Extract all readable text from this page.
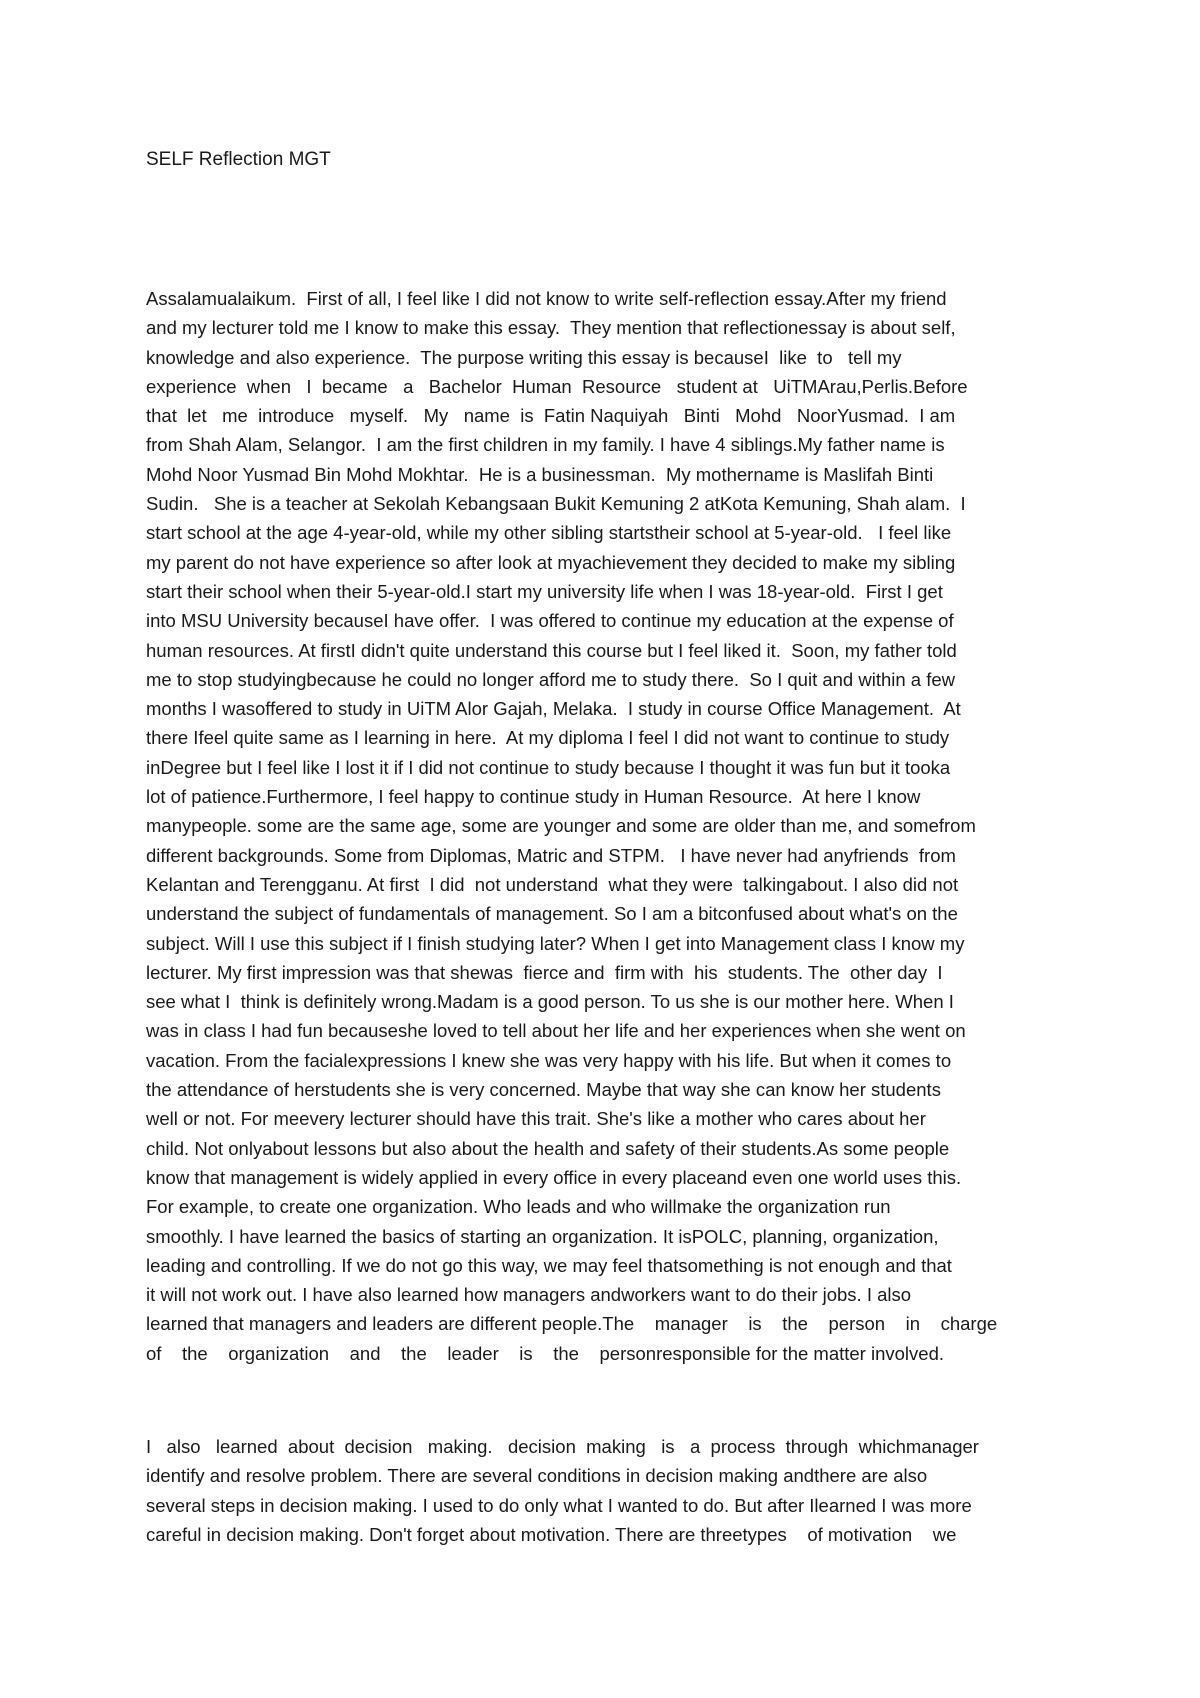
SELF Reflection MGT
Assalamualaikum.  First of all, I feel like I did not know to write self-reflection essay.After my friend
and my lecturer told me I know to make this essay.  They mention that reflectionessay is about self,
knowledge and also experience.  The purpose writing this essay is becauseI  like  to   tell my
experience  when   I  became   a   Bachelor  Human  Resource   student at   UiTMArau,Perlis.Before
that  let   me  introduce   myself.   My   name  is  Fatin Naquiyah   Binti   Mohd   NoorYusmad.  I am
from Shah Alam, Selangor.  I am the first children in my family. I have 4 siblings.My father name is
Mohd Noor Yusmad Bin Mohd Mokhtar.  He is a businessman.  My mothername is Maslifah Binti
Sudin.   She is a teacher at Sekolah Kebangsaan Bukit Kemuning 2 atKota Kemuning, Shah alam.  I
start school at the age 4-year-old, while my other sibling startstheir school at 5-year-old.   I feel like
my parent do not have experience so after look at myachievement they decided to make my sibling
start their school when their 5-year-old.I start my university life when I was 18-year-old.  First I get
into MSU University becauseI have offer.  I was offered to continue my education at the expense of
human resources. At firstI didn't quite understand this course but I feel liked it.  Soon, my father told
me to stop studyingbecause he could no longer afford me to study there.  So I quit and within a few
months I wasoffered to study in UiTM Alor Gajah, Melaka.  I study in course Office Management.  At
there Ifeel quite same as I learning in here.  At my diploma I feel I did not want to continue to study
inDegree but I feel like I lost it if I did not continue to study because I thought it was fun but it tooka
lot of patience.Furthermore, I feel happy to continue study in Human Resource.  At here I know
manypeople. some are the same age, some are younger and some are older than me, and somefrom
different backgrounds. Some from Diplomas, Matric and STPM.   I have never had anyfriends  from
Kelantan and Terengganu. At first  I did  not understand  what they were  talkingabout. I also did not
understand the subject of fundamentals of management. So I am a bitconfused about what's on the
subject. Will I use this subject if I finish studying later? When I get into Management class I know my
lecturer. My first impression was that shewas  fierce and  firm with  his  students. The  other day  I
see what I  think is definitely wrong.Madam is a good person. To us she is our mother here. When I
was in class I had fun becauseshe loved to tell about her life and her experiences when she went on
vacation. From the facialexpressions I knew she was very happy with his life. But when it comes to
the attendance of herstudents she is very concerned. Maybe that way she can know her students
well or not. For meevery lecturer should have this trait. She's like a mother who cares about her
child. Not onlyabout lessons but also about the health and safety of their students.As some people
know that management is widely applied in every office in every placeand even one world uses this.
For example, to create one organization. Who leads and who willmake the organization run
smoothly. I have learned the basics of starting an organization. It isPOLC, planning, organization,
leading and controlling. If we do not go this way, we may feel thatsomething is not enough and that
it will not work out. I have also learned how managers andworkers want to do their jobs. I also
learned that managers and leaders are different people.The    manager    is    the    person    in    charge
of    the    organization    and    the    leader    is    the    personresponsible for the matter involved.
I   also   learned  about  decision   making.   decision  making   is   a  process  through  whichmanager
identify and resolve problem. There are several conditions in decision making andthere are also
several steps in decision making. I used to do only what I wanted to do. But after Ilearned I was more
careful in decision making. Don't forget about motivation. There are threetypes    of motivation    we
